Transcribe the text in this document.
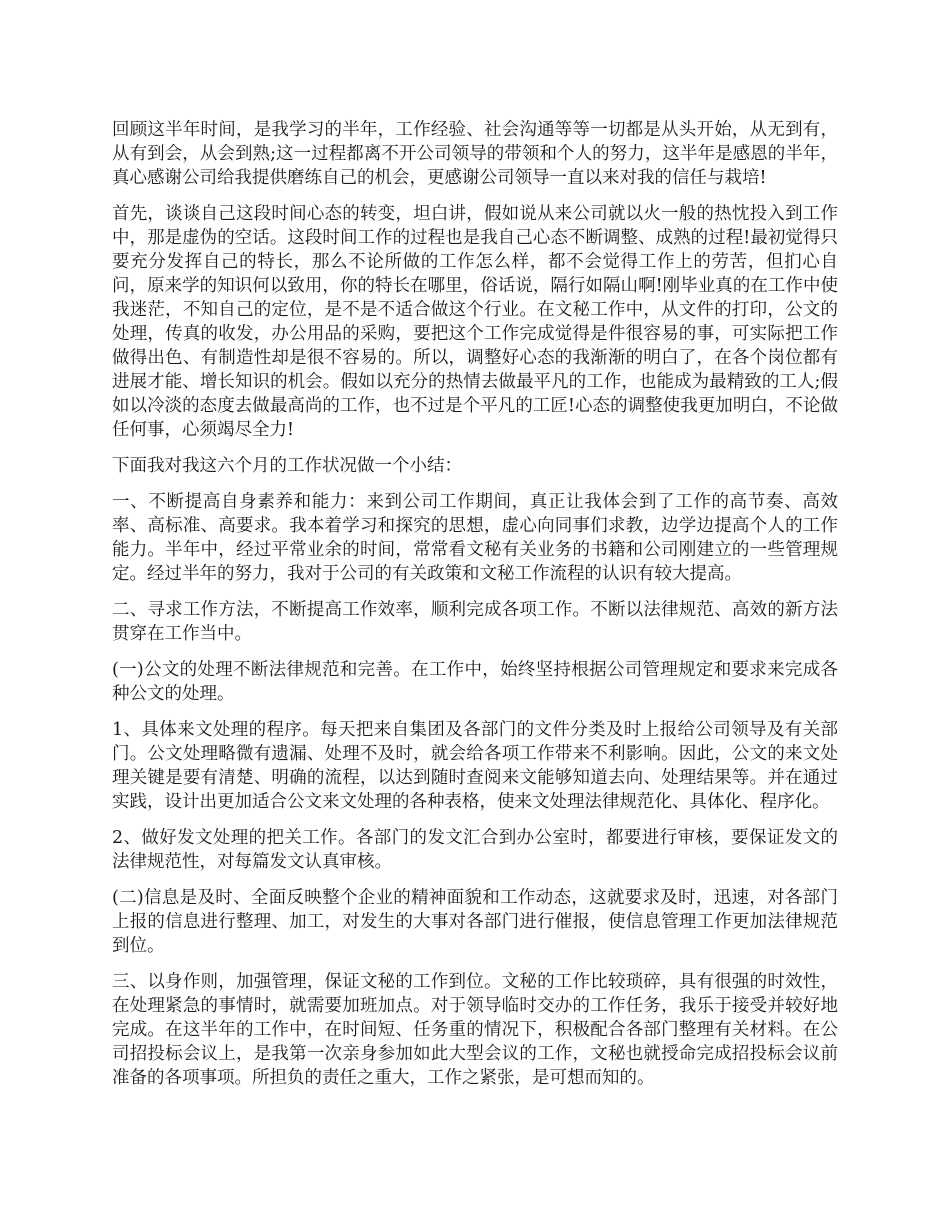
回顾这半年时间，是我学习的半年，工作经验、社会沟通等等一切都是从头开始，从无到有，从有到会，从会到熟;这一过程都离不开公司领导的带领和个人的努力，这半年是感恩的半年，真心感谢公司给我提供磨练自己的机会，更感谢公司领导一直以来对我的信任与栽培!

首先，谈谈自己这段时间心态的转变，坦白讲，假如说从来公司就以火一般的热忱投入到工作中，那是虚伪的空话。这段时间工作的过程也是我自己心态不断调整、成熟的过程!最初觉得只要充分发挥自己的特长，那么不论所做的工作怎么样，都不会觉得工作上的劳苦，但扪心自问，原来学的知识何以致用，你的特长在哪里，俗话说，隔行如隔山啊!刚毕业真的在工作中使我迷茫，不知自己的定位，是不是不适合做这个行业。在文秘工作中，从文件的打印，公文的处理，传真的收发，办公用品的采购，要把这个工作完成觉得是件很容易的事，可实际把工作做得出色、有制造性却是很不容易的。所以，调整好心态的我渐渐的明白了，在各个岗位都有进展才能、增长知识的机会。假如以充分的热情去做最平凡的工作，也能成为最精致的工人;假如以冷淡的态度去做最高尚的工作，也不过是个平凡的工匠!心态的调整使我更加明白，不论做任何事，心须竭尽全力!

下面我对我这六个月的工作状况做一个小结：

一、不断提高自身素养和能力：来到公司工作期间，真正让我体会到了工作的高节奏、高效率、高标准、高要求。我本着学习和探究的思想，虚心向同事们求教，边学边提高个人的工作能力。半年中，经过平常业余的时间，常常看文秘有关业务的书籍和公司刚建立的一些管理规定。经过半年的努力，我对于公司的有关政策和文秘工作流程的认识有较大提高。

二、寻求工作方法，不断提高工作效率，顺利完成各项工作。不断以法律规范、高效的新方法贯穿在工作当中。

(一)公文的处理不断法律规范和完善。在工作中，始终坚持根据公司管理规定和要求来完成各种公文的处理。

1、具体来文处理的程序。每天把来自集团及各部门的文件分类及时上报给公司领导及有关部门。公文处理略微有遗漏、处理不及时，就会给各项工作带来不利影响。因此，公文的来文处理关键是要有清楚、明确的流程，以达到随时查阅来文能够知道去向、处理结果等。并在通过实践，设计出更加适合公文来文处理的各种表格，使来文处理法律规范化、具体化、程序化。

2、做好发文处理的把关工作。各部门的发文汇合到办公室时，都要进行审核，要保证发文的法律规范性，对每篇发文认真审核。

(二)信息是及时、全面反映整个企业的精神面貌和工作动态，这就要求及时，迅速，对各部门上报的信息进行整理、加工，对发生的大事对各部门进行催报，使信息管理工作更加法律规范到位。

三、以身作则，加强管理，保证文秘的工作到位。文秘的工作比较琐碎，具有很强的时效性，在处理紧急的事情时，就需要加班加点。对于领导临时交办的工作任务，我乐于接受并较好地完成。在这半年的工作中，在时间短、任务重的情况下，积极配合各部门整理有关材料。在公司招投标会议上，是我第一次亲身参加如此大型会议的工作，文秘也就授命完成招投标会议前准备的各项事项。所担负的责任之重大，工作之紧张，是可想而知的。
